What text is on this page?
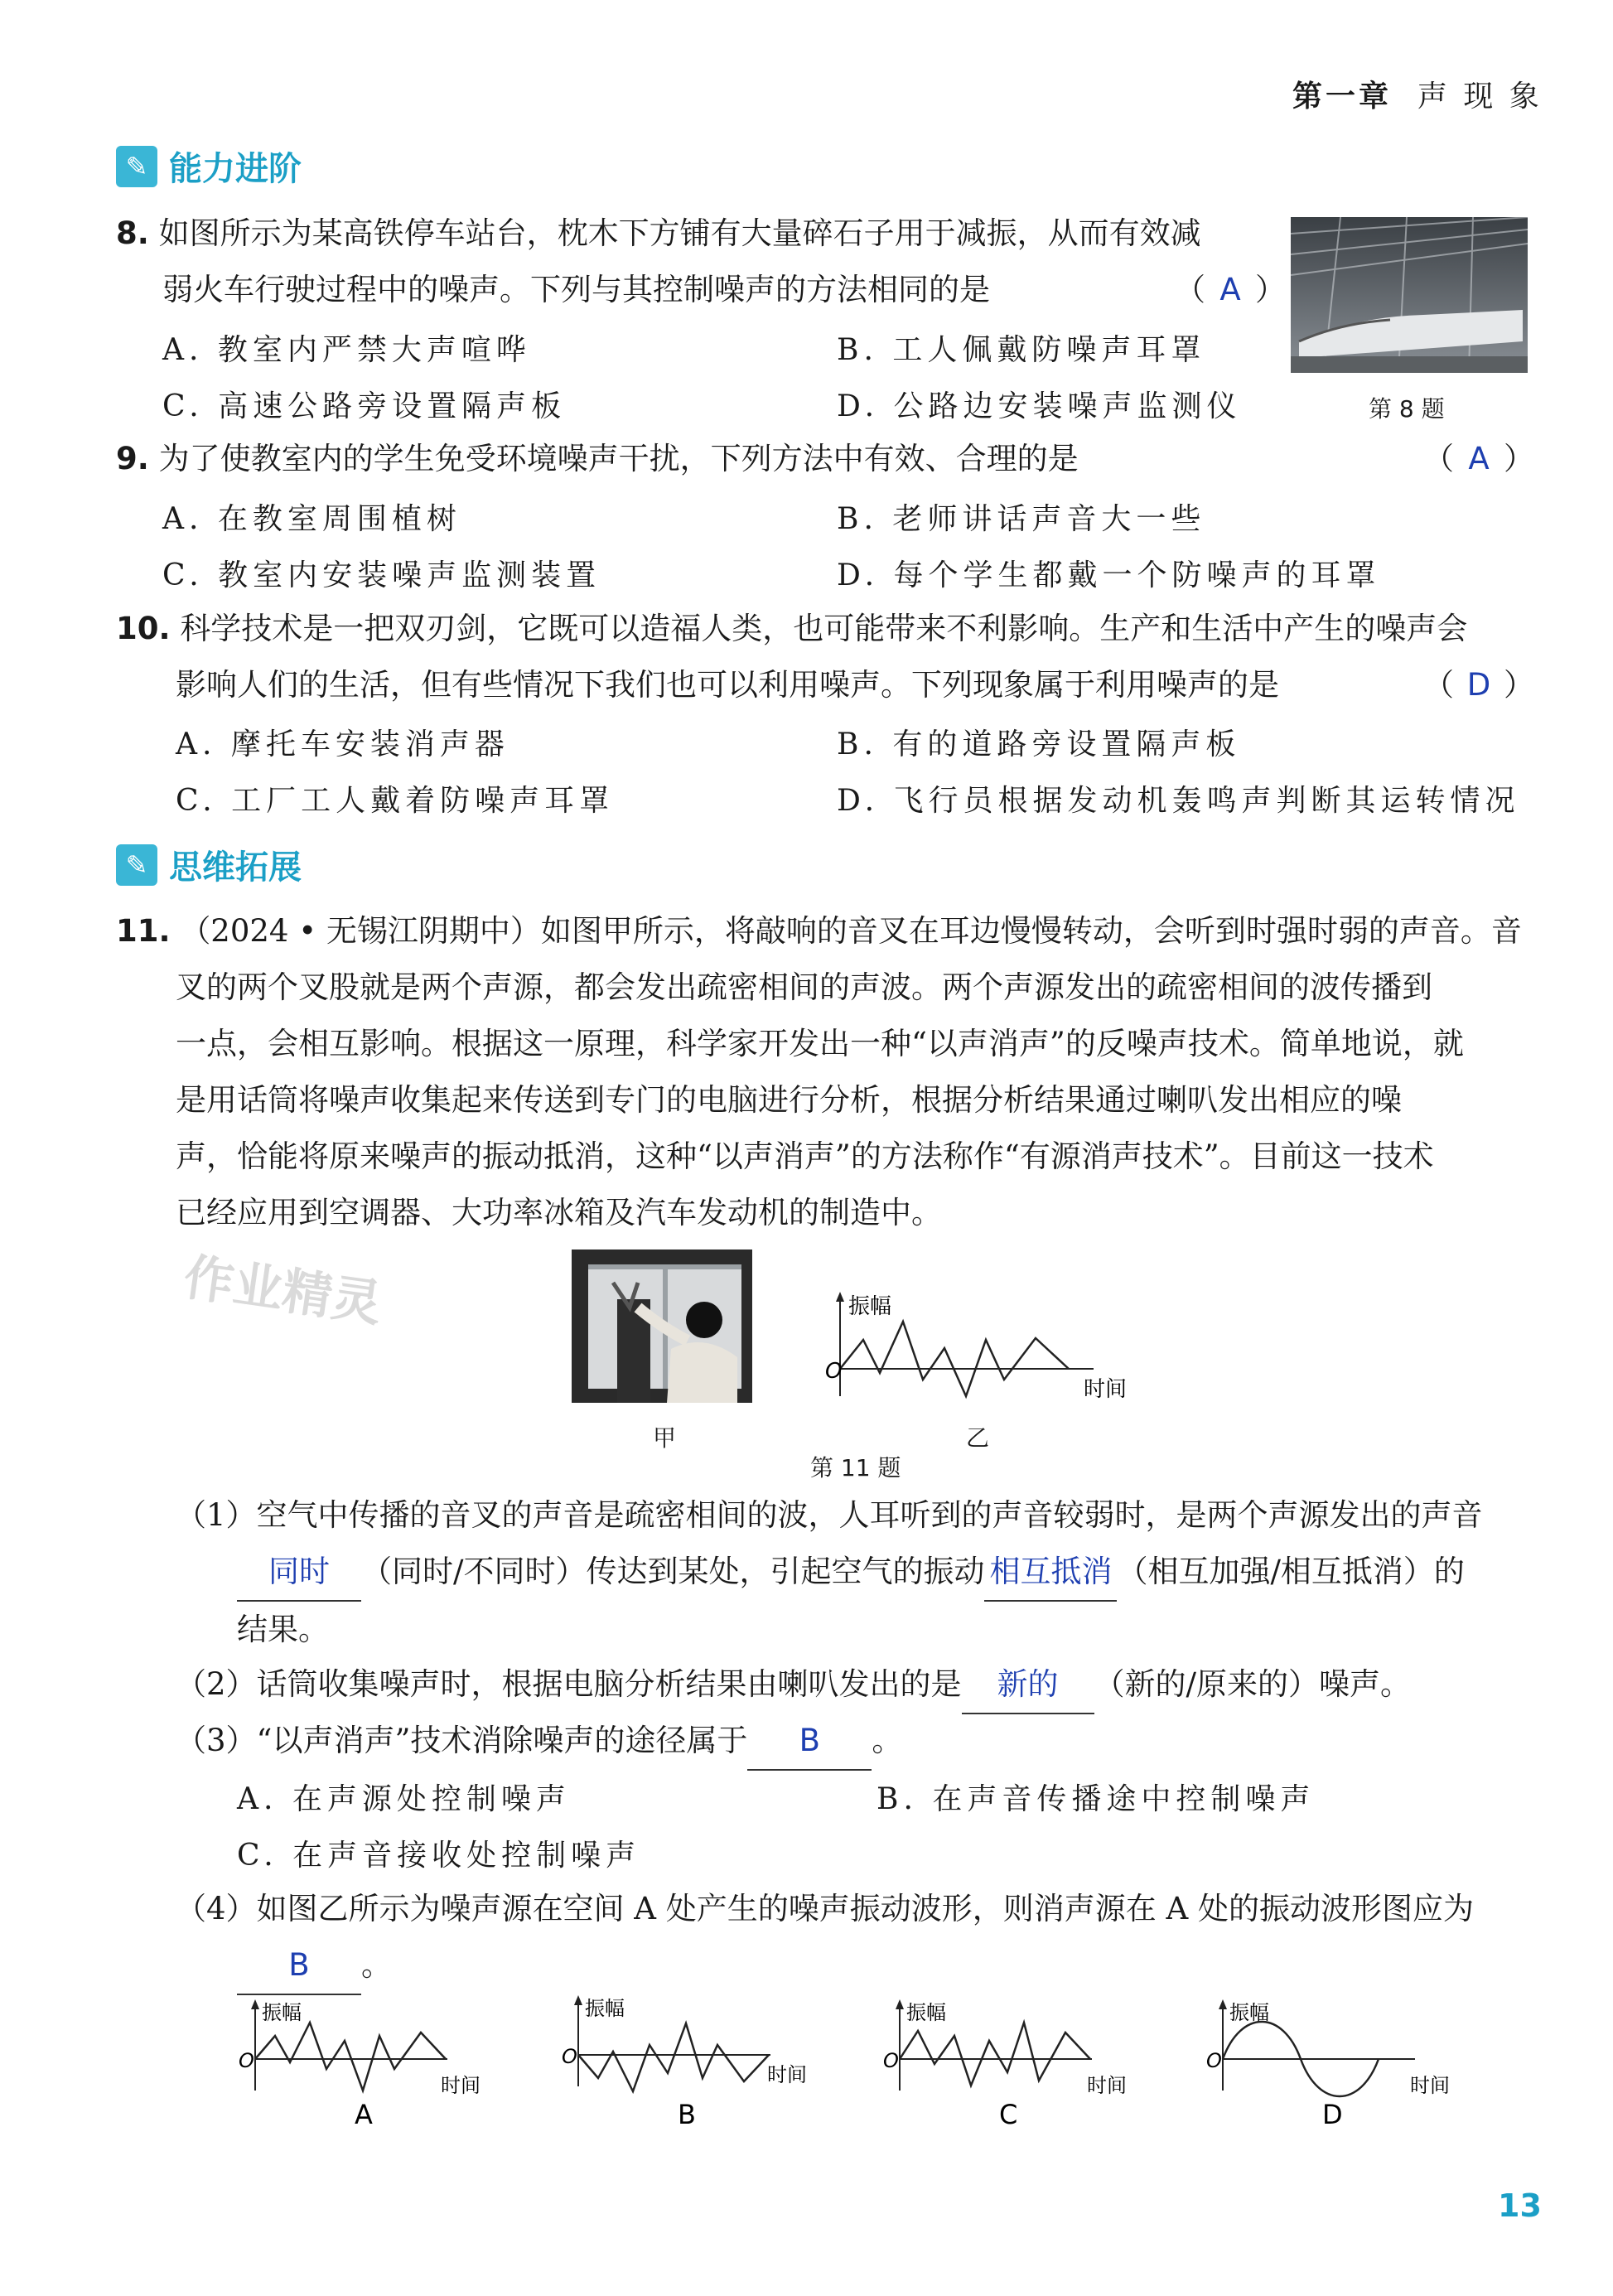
第一章 声 现 象
✎ 能力进阶
8. 如图所示为某高铁停车站台，枕木下方铺有大量碎石子用于减振，从而有效减
弱火车行驶过程中的噪声。下列与其控制噪声的方法相同的是	（ A ）
A. 教室内严禁大声喧哗	B. 工人佩戴防噪声耳罩
C. 高速公路旁设置隔声板	D. 公路边安装噪声监测仪	第 8 题
9. 为了使教室内的学生免受环境噪声干扰，下列方法中有效、合理的是	（ A ）
A. 在教室周围植树	B. 老师讲话声音大一些
C. 教室内安装噪声监测装置	D. 每个学生都戴一个防噪声的耳罩
10. 科学技术是一把双刃剑，它既可以造福人类，也可能带来不利影响。生产和生活中产生的噪声会
影响人们的生活，但有些情况下我们也可以利用噪声。下列现象属于利用噪声的是	（ D ）
A. 摩托车安装消声器	B. 有的道路旁设置隔声板
C. 工厂工人戴着防噪声耳罩	D. 飞行员根据发动机轰鸣声判断其运转情况
✎ 思维拓展
11. （2024 • 无锡江阴期中）如图甲所示，将敲响的音叉在耳边慢慢转动，会听到时强时弱的声音。音
叉的两个叉股就是两个声源，都会发出疏密相间的声波。两个声源发出的疏密相间的波传播到
一点，会相互影响。根据这一原理，科学家开发出一种“以声消声”的反噪声技术。简单地说，就
是用话筒将噪声收集起来传送到专门的电脑进行分析，根据分析结果通过喇叭发出相应的噪
声，恰能将原来噪声的振动抵消，这种“以声消声”的方法称作“有源消声技术”。目前这一技术
已经应用到空调器、大功率冰箱及汽车发动机的制造中。
作业精灵
甲
振幅
O
时间
乙
第 11 题
（1）空气中传播的音叉的声音是疏密相间的波，人耳听到的声音较弱时，是两个声源发出的声音
同时 （同时/不同时）传达到某处，引起空气的振动 相互抵消 （相互加强/相互抵消）的
结果。
（2）话筒收集噪声时，根据电脑分析结果由喇叭发出的是 新的 （新的/原来的）噪声。
（3）“以声消声”技术消除噪声的途径属于 B 。
A. 在声源处控制噪声	B. 在声音传播途中控制噪声
C. 在声音接收处控制噪声
（4）如图乙所示为噪声源在空间 A 处产生的噪声振动波形，则消声源在 A 处的振动波形图应为
B 。
振幅
O
时间
A
振幅
O
时间
B
振幅
O
时间
C
振幅
O
时间
D
13
